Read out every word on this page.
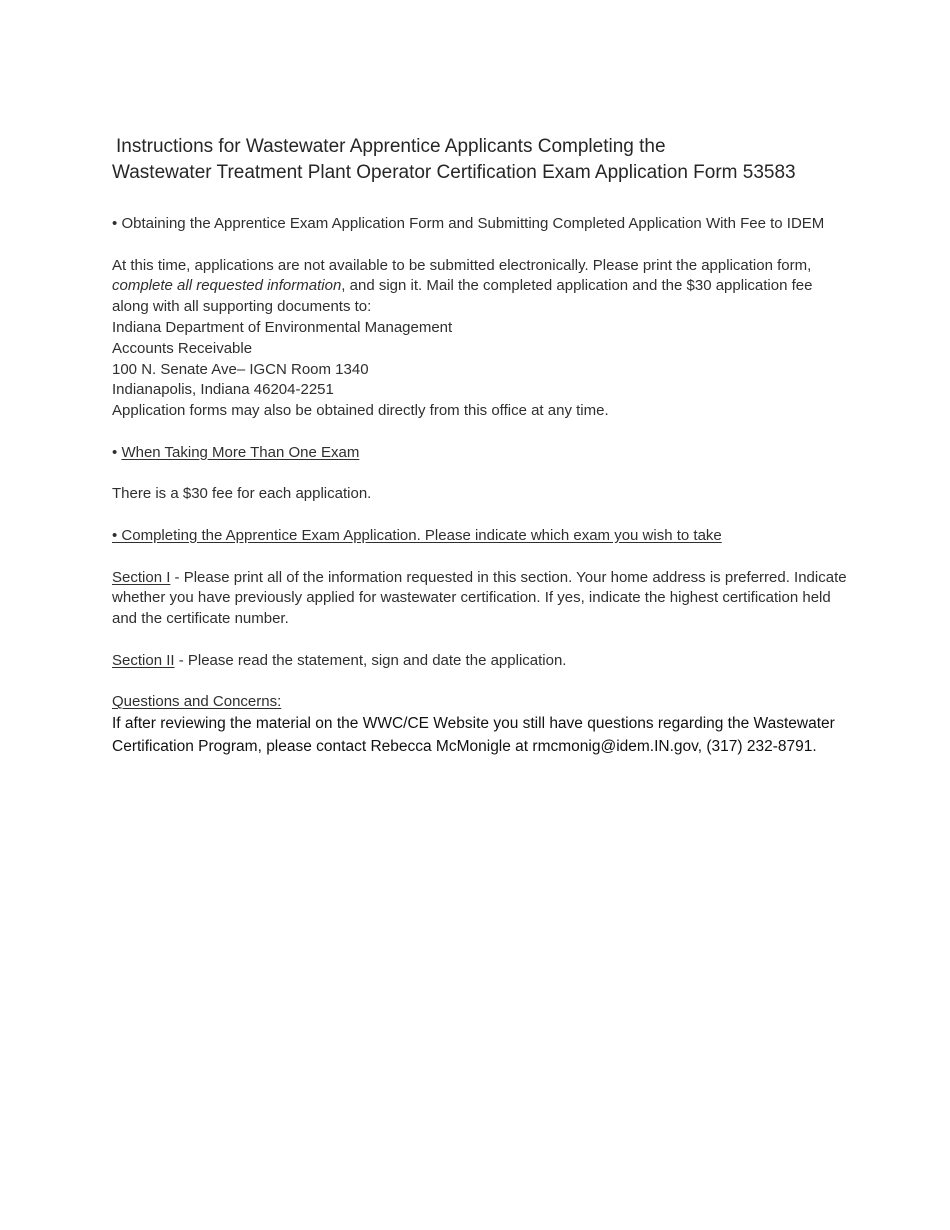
Instructions for Wastewater Apprentice Applicants Completing the
Wastewater Treatment Plant Operator Certification Exam Application Form 53583

• Obtaining the Apprentice Exam Application Form and Submitting Completed Application With Fee to IDEM

At this time, applications are not available to be submitted electronically. Please print the application form, complete all requested information, and sign it. Mail the completed application and the $30 application fee along with all supporting documents to:

Indiana Department of Environmental Management

Accounts Receivable

100 N. Senate Ave– IGCN Room 1340

Indianapolis, Indiana 46204-2251

Application forms may also be obtained directly from this office at any time.

• When Taking More Than One Exam

There is a $30 fee for each application.

• Completing the Apprentice Exam Application. Please indicate which exam you wish to take

Section I - Please print all of the information requested in this section. Your home address is preferred. Indicate whether you have previously applied for wastewater certification. If yes, indicate the highest certification held and the certificate number.

Section II - Please read the statement, sign and date the application.

Questions and Concerns:

If after reviewing the material on the WWC/CE Website you still have questions regarding the Wastewater Certification Program, please contact Rebecca McMonigle at rmcmonig@idem.IN.gov, (317) 232-8791.
